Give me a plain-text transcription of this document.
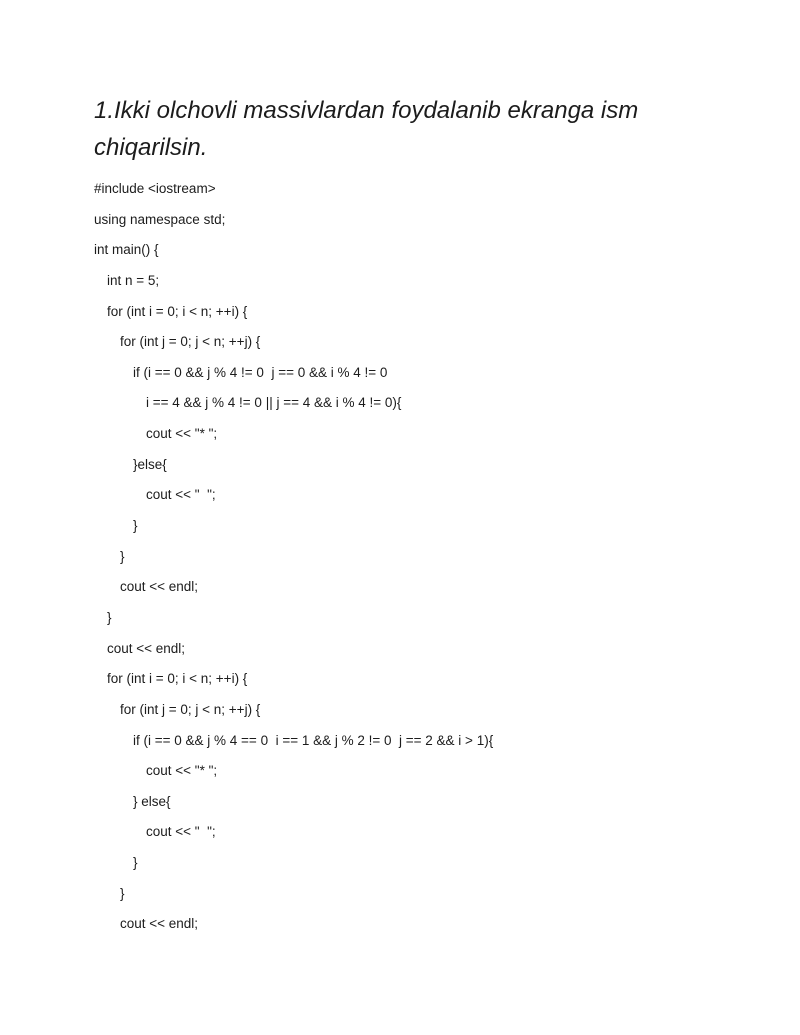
1.Ikki olchovli massivlardan foydalanib ekranga ism chiqarilsin.
#include <iostream>
using namespace std;
int main() {
int n = 5;
for (int i = 0; i < n; ++i) {
for (int j = 0; j < n; ++j) {
if (i == 0 && j % 4 != 0  j == 0 && i % 4 != 0
i == 4 && j % 4 != 0 || j == 4 && i % 4 != 0){
cout << "* ";
}else{
cout << "  ";
}
}
cout << endl;
}
cout << endl;
for (int i = 0; i < n; ++i) {
for (int j = 0; j < n; ++j) {
if (i == 0 && j % 4 == 0  i == 1 && j % 2 != 0  j == 2 && i > 1){
cout << "* ";
} else{
cout << "  ";
}
}
cout << endl;
